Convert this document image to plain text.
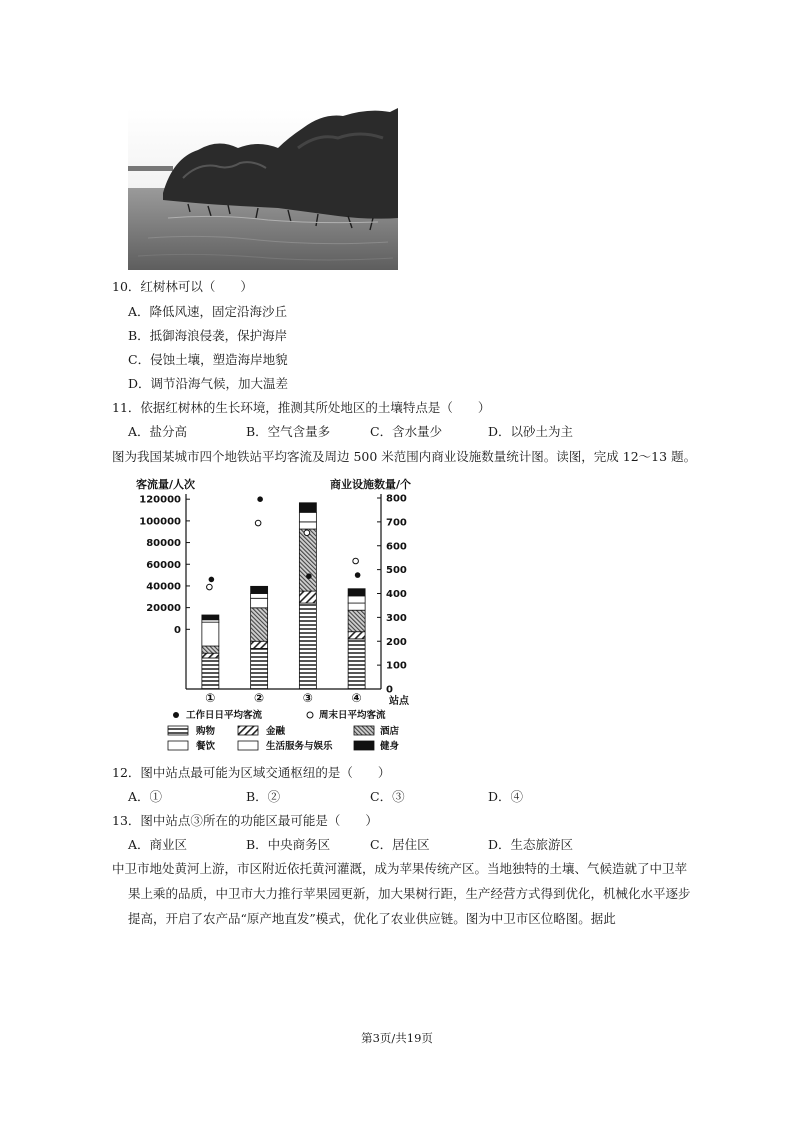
10．红树林可以（　　）
A．降低风速，固定沿海沙丘
B．抵御海浪侵袭，保护海岸
C．侵蚀土壤，塑造海岸地貌
D．调节沿海气候，加大温差
11．依据红树林的生长环境，推测其所处地区的土壤特点是（　　）
A．盐分高	B．空气含量多	C．含水量少	D．以砂土为主
图为我国某城市四个地铁站平均客流及周边 500 米范围内商业设施数量统计图。读图，完成 12～13 题。
客流量/人次	商业设施数量/个
站点
120000
100000
80000
60000
40000
20000
0
800
700
600
500
400
300
200
100
0
①	②	③	④
工作日日平均客流	周末日平均客流
购物	金融	酒店
餐饮	生活服务与娱乐	健身
12．图中站点最可能为区域交通枢纽的是（　　）
A．①	B．②	C．③	D．④
13．图中站点③所在的功能区最可能是（　　）
A．商业区	B．中央商务区	C．居住区	D．生态旅游区
中卫市地处黄河上游，市区附近依托黄河灌溉，成为苹果传统产区。当地独特的土壤、气候造就了中卫苹
果上乘的品质，中卫市大力推行苹果园更新，加大果树行距，生产经营方式得到优化，机械化水平逐步
提高，开启了农产品“原产地直发”模式，优化了农业供应链。图为中卫市区位略图。据此
第3页/共19页
